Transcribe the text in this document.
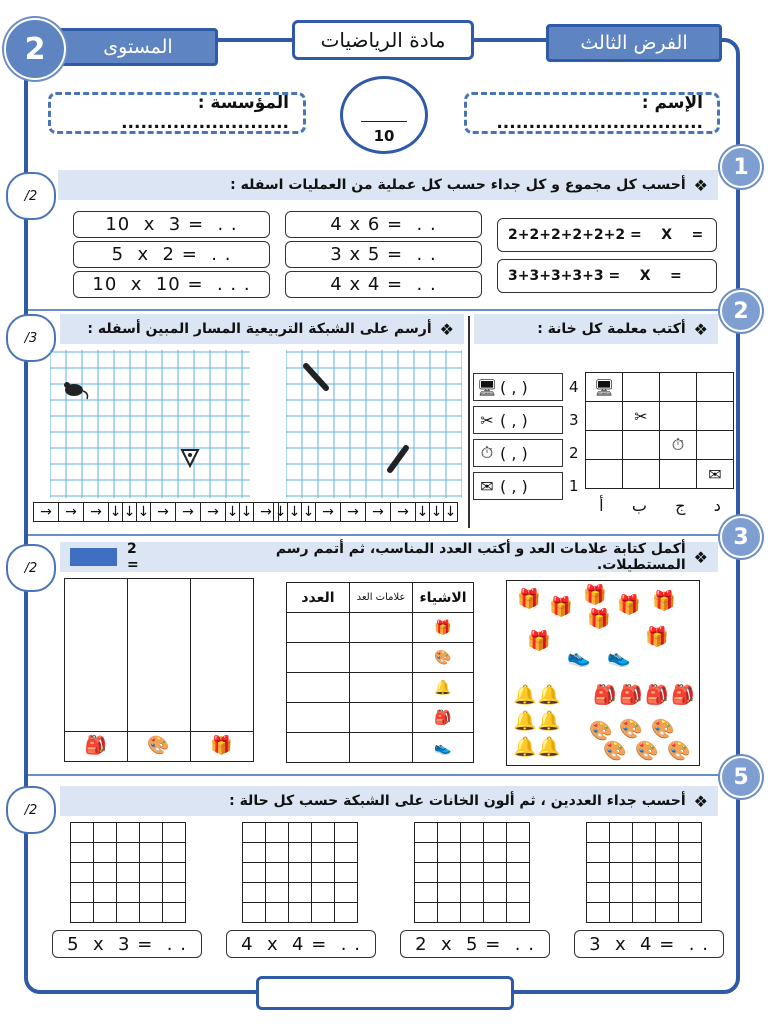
المستوى
2	مادة الرياضيات	الفرض الثالث
الإسم : ................................
المؤسسة : ..........................
10
❖
أحسب كل مجموع و كل جداء حسب كل عملية من العمليات اسفله :
1
/2
10  x  3 =  . .
5  x  2 =  . .
10  x  10 =  . . .
4 x 6 =  . .
3 x 5 =  . .
4 x 4 =  . .
2+2+2+2+2+2 =    X    =
3+3+3+3+3 =    X    =
❖
أرسم على الشبكة التربيعية المسار المبين أسفله :	❖
أكتب معلمة كل خانة :
2
/3
→ → → ↓ ↓ ↓ → → → ↓ ↓ → ↓ ↓ ↓ → → → → ↓ ↓ ↓
🖥 ( , )	4
✂ ( , )	3
⏱ ( , )	2
✉ ( , )	1
🖥			
	✂		
		⏱	
			✉
أ ب ج د
❖
أكمل كتابة علامات العد و أكتب العدد المناسب، ثم أتمم رسم المستطيلات.
2 =
3
/2
🎒	🎨	🎁
الاشياء	علامات العد	العدد
🎁		
🎨		
🔔		
🎒		
👟		
🎁 🎁
🎁 🎁 🎁
🎁
🎁	🎁
👟 👟
🔔 🔔
🔔 🔔
🔔 🔔
🎒 🎒 🎒 🎒
🎨 🎨 🎨
🎨 🎨 🎨
❖
أحسب جداء العددين ، ثم ألون الخانات على الشبكة حسب كل حالة :
5
/2

5  x  3 =  . .	4  x  4 =  . .	2  x  5 =  . .	3  x  4 =  . .
